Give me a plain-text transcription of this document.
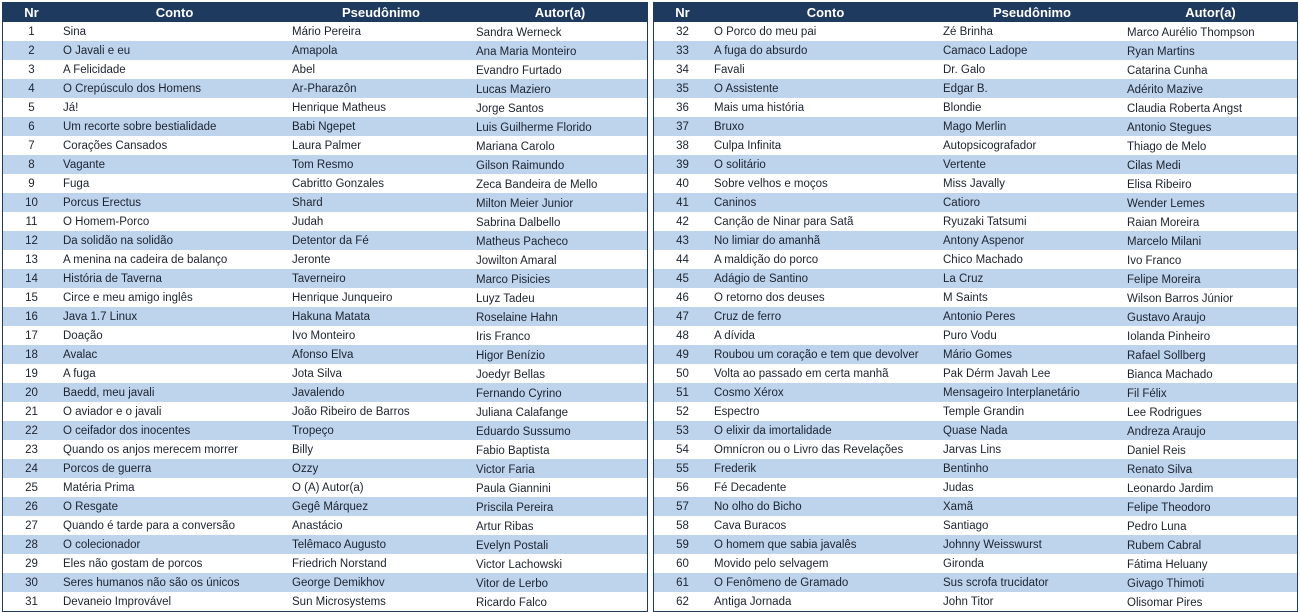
Nr	Conto	Pseudônimo	Autor(a)
1	Sina	Mário Pereira	Sandra Werneck
2	O Javali e eu	Amapola	Ana Maria Monteiro
3	A Felicidade	Abel	Evandro Furtado
4	O Crepúsculo dos Homens	Ar-Pharazôn	Lucas Maziero
5	Já!	Henrique Matheus	Jorge Santos
6	Um recorte sobre bestialidade	Babi Ngepet	Luis Guilherme Florido
7	Corações Cansados	Laura Palmer	Mariana Carolo
8	Vagante	Tom Resmo	Gilson Raimundo
9	Fuga	Cabritto Gonzales	Zeca Bandeira de Mello
10	Porcus Erectus	Shard	Milton Meier Junior
11	O Homem-Porco	Judah	Sabrina Dalbello
12	Da solidão na solidão	Detentor da Fé	Matheus Pacheco
13	A menina na cadeira de balanço	Jeronte	Jowilton Amaral
14	História de Taverna	Taverneiro	Marco Pisicies
15	Circe e meu amigo inglês	Henrique Junqueiro	Luyz Tadeu
16	Java 1.7 Linux	Hakuna Matata	Roselaine Hahn
17	Doação	Ivo Monteiro	Iris Franco
18	Avalac	Afonso Elva	Higor Benízio
19	A fuga	Jota Silva	Joedyr Bellas
20	Baedd, meu javali	Javalendo	Fernando Cyrino
21	O aviador e o javali	João Ribeiro de Barros	Juliana Calafange
22	O ceifador dos inocentes	Tropeço	Eduardo Sussumo
23	Quando os anjos merecem morrer	Billy	Fabio Baptista
24	Porcos de guerra	Ozzy	Victor Faria
25	Matéria Prima	O (A) Autor(a)	Paula Giannini
26	O Resgate	Gegê Márquez	Priscila Pereira
27	Quando é tarde para a conversão	Anastácio	Artur Ribas
28	O colecionador	Telêmaco Augusto	Evelyn Postali
29	Eles não gostam de porcos	Friedrich Norstand	Victor Lachowski
30	Seres humanos não são os únicos	George Demikhov	Vitor de Lerbo
31	Devaneio Improvável	Sun Microsystems	Ricardo Falco
Nr	Conto	Pseudônimo	Autor(a)
32	O Porco do meu pai	Zé Brinha	Marco Aurélio Thompson
33	A fuga do absurdo	Camaco Ladope	Ryan Martins
34	Favali	Dr. Galo	Catarina Cunha
35	O Assistente	Edgar B.	Adérito Mazive
36	Mais uma história	Blondie	Claudia Roberta Angst
37	Bruxo	Mago Merlin	Antonio Stegues
38	Culpa Infinita	Autopsicografador	Thiago de Melo
39	O solitário	Vertente	Cilas Medi
40	Sobre velhos e moços	Miss Javally	Elisa Ribeiro
41	Caninos	Catioro	Wender Lemes
42	Canção de Ninar para Satã	Ryuzaki Tatsumi	Raian Moreira
43	No limiar do amanhã	Antony Aspenor	Marcelo Milani
44	A maldição do porco	Chico Machado	Ivo Franco
45	Adágio de Santino	La Cruz	Felipe Moreira
46	O retorno dos deuses	M Saints	Wilson Barros Júnior
47	Cruz de ferro	Antonio Peres	Gustavo Araujo
48	A dívida	Puro Vodu	Iolanda Pinheiro
49	Roubou um coração e tem que devolver	Mário Gomes	Rafael Sollberg
50	Volta ao passado em certa manhã	Pak Dérm Javah Lee	Bianca Machado
51	Cosmo Xérox	Mensageiro Interplanetário	Fil Félix
52	Espectro	Temple Grandin	Lee Rodrigues
53	O elixir da imortalidade	Quase Nada	Andreza Araujo
54	Omnícron ou o Livro das Revelações	Jarvas Lins	Daniel Reis
55	Frederik	Bentinho	Renato Silva
56	Fé Decadente	Judas	Leonardo Jardim
57	No olho do Bicho	Xamã	Felipe Theodoro
58	Cava Buracos	Santiago	Pedro Luna
59	O homem que sabia javalês	Johnny Weisswurst	Rubem Cabral
60	Movido pelo selvagem	Gironda	Fátima Heluany
61	O Fenômeno de Gramado	Sus scrofa trucidator	Givago Thimoti
62	Antiga Jornada	John Titor	Olisomar Pires
